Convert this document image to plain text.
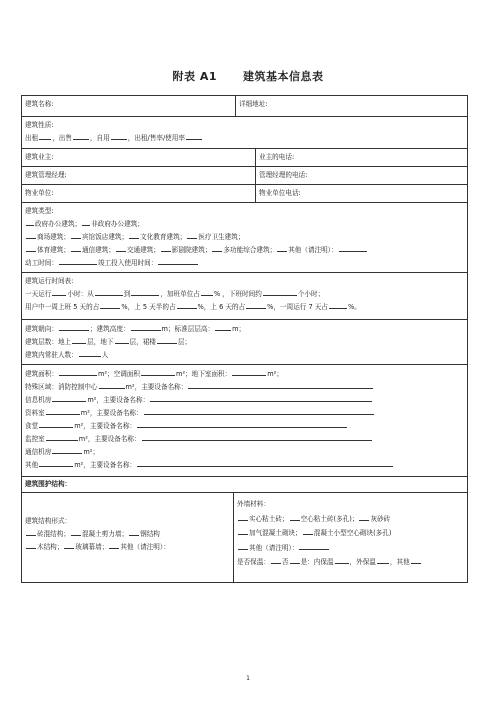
附表 A1 建筑基本信息表
建筑名称:	详细地址:
建筑性质:
出租 ，出售	，自用	，出租/售率/使用率
建筑业主:	业主的电话:
建筑管理经理:	管理经理的电话:
物业单位:	物业单位电话:
建筑类型:
政府办公建筑； 非政府办公建筑；
商场建筑； 宾馆饭店建筑； 文化教育建筑； 医疗卫生建筑；
体育建筑； 通信建筑； 交通建筑； 影剧院建筑； 多功能综合建筑； 其他（请注明）：
动工时间：	竣工投入使用时间：
建筑运行时间表:
一天运行 小时：从	到	，加班单位占 % ，下班时间约	个小时；
用户中一周上班 5 天的占	%，上 5 天半的占	%，上 6 天的占	%，一周运行 7 天占	%。
建筑朝向：	；建筑高度：	m；标准层层高：	m；
建筑层数：地上 层，地下 层，裙楼	层；
建筑内常驻人数：	人
建筑面积：	m²；空调面积	m²；地下室面积：	m²；
特殊区域：消防控制中心	m²，主要设备名称：
信息机房	m²，主要设备名称：
资料室	m²，主要设备名称：
食堂	m²，主要设备名称：
监控室	m²，主要设备名称：
通信机房	m²；
其他	m²，主要设备名称：
建筑围护结构：
建筑结构形式：
砖混结构； 混凝土剪力墙； 钢结构
木结构； 玻璃幕墙； 其他（请注明）：
外墙材料：
实心粘土砖； 空心粘土砖(多孔)； 灰砂砖
加气混凝土砌块； 混凝土小型空心砌块(多孔)
其他（请注明）：
是否保温： 否 是：内保温 ，外保温 ，其他
1
